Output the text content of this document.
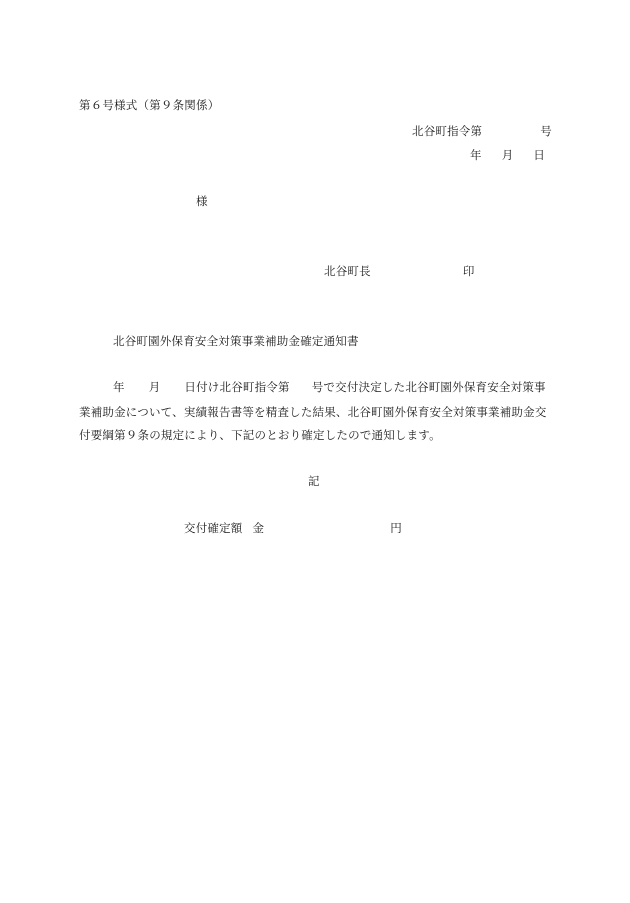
第６号様式（第９条関係）
北谷町指令第	号
年 月 日
様
北谷町長	印
北谷町園外保育安全対策事業補助金確定通知書
年 月 日付け北谷町指令第 号で交付決定した北谷町園外保育安全対策事
業補助金について、実績報告書等を精査した結果、北谷町園外保育安全対策事業補助金交
付要綱第９条の規定により、下記のとおり確定したので通知します。
記
交付確定額 金	円
